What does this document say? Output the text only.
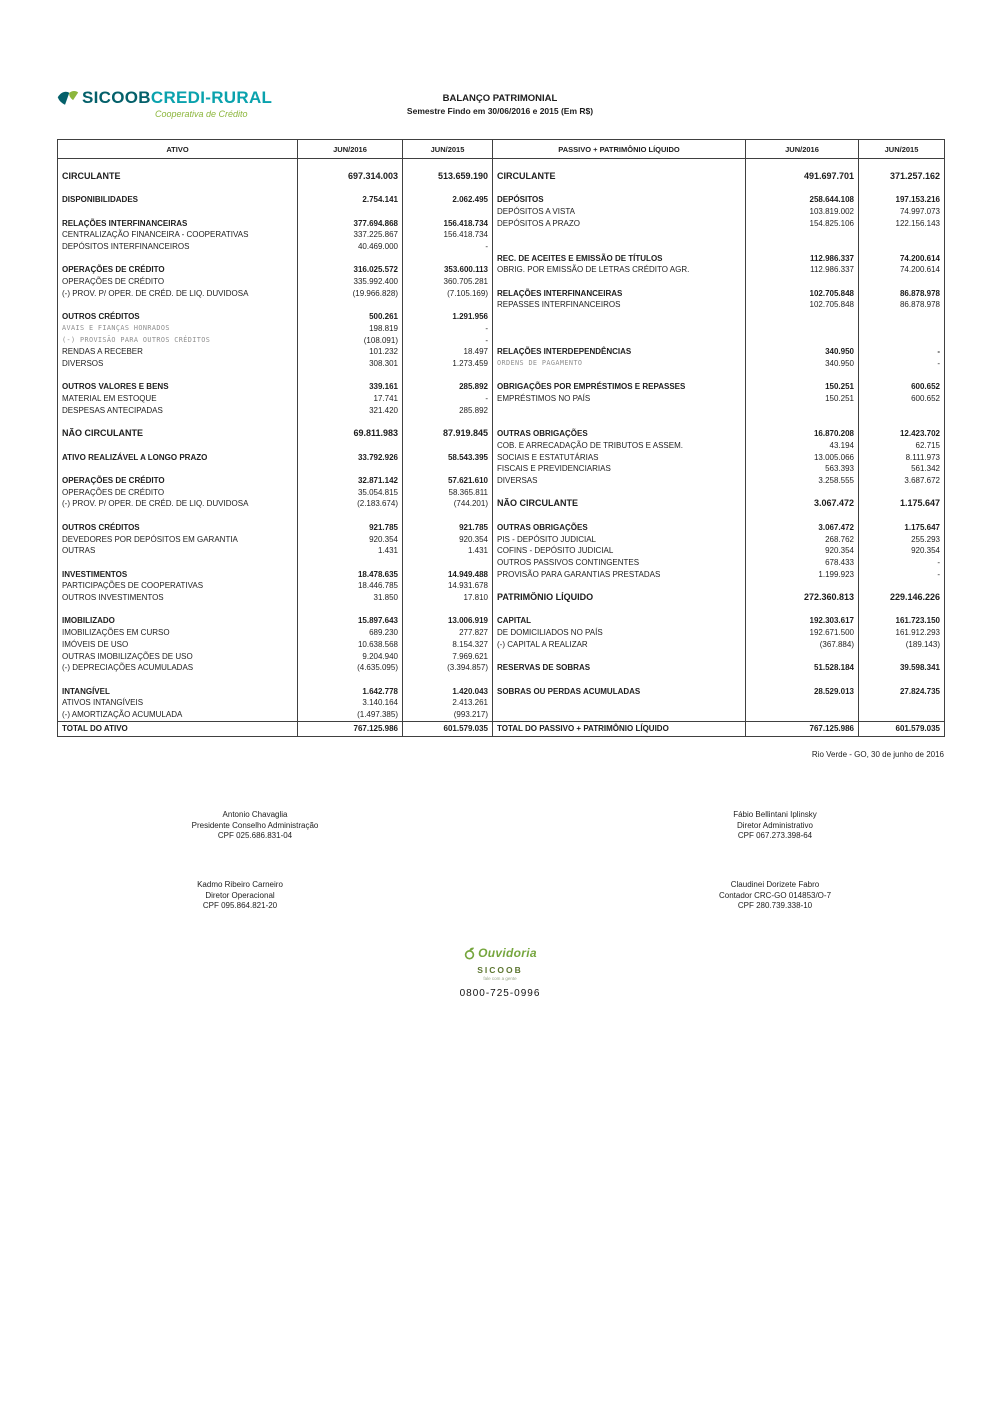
SICOOBCREDI-RURAL
Cooperativa de Crédito
BALANÇO PATRIMONIAL
Semestre Findo em 30/06/2016 e 2015 (Em R$)
ATIVO	JUN/2016	JUN/2015	PASSIVO + PATRIMÔNIO LÍQUIDO	JUN/2016	JUN/2015

CIRCULANTE	697.314.003	513.659.190	CIRCULANTE	491.697.701	371.257.162

DISPONIBILIDADES	2.754.141	2.062.495	DEPÓSITOS	258.644.108	197.153.216
			DEPÓSITOS A VISTA	103.819.002	74.997.073
RELAÇÕES INTERFINANCEIRAS	377.694.868	156.418.734	DEPÓSITOS A PRAZO	154.825.106	122.156.143
CENTRALIZAÇÃO FINANCEIRA - COOPERATIVAS	337.225.867	156.418.734			
DEPÓSITOS INTERFINANCEIROS	40.469.000	-			
			REC. DE ACEITES E EMISSÃO DE TÍTULOS	112.986.337	74.200.614
OPERAÇÕES DE CRÉDITO	316.025.572	353.600.113	OBRIG. POR EMISSÃO DE LETRAS CRÉDITO AGR.	112.986.337	74.200.614
OPERAÇÕES DE CRÉDITO	335.992.400	360.705.281			
(-) PROV. P/ OPER. DE CRÉD. DE LIQ. DUVIDOSA	(19.966.828)	(7.105.169)	RELAÇÕES INTERFINANCEIRAS	102.705.848	86.878.978
			REPASSES INTERFINANCEIROS	102.705.848	86.878.978
OUTROS CRÉDITOS	500.261	1.291.956			
AVAIS E FIANÇAS HONRADOS	198.819	-			
(-) PROVISÃO PARA OUTROS CRÉDITOS	(108.091)	-			
RENDAS A RECEBER	101.232	18.497	RELAÇÕES INTERDEPENDÊNCIAS	340.950	-
DIVERSOS	308.301	1.273.459	ORDENS DE PAGAMENTO	340.950	-

OUTROS VALORES E BENS	339.161	285.892	OBRIGAÇÕES POR EMPRÉSTIMOS E REPASSES	150.251	600.652
MATERIAL EM ESTOQUE	17.741	-	EMPRÉSTIMOS NO PAÍS	150.251	600.652
DESPESAS ANTECIPADAS	321.420	285.892			

NÃO CIRCULANTE	69.811.983	87.919.845	OUTRAS OBRIGAÇÕES	16.870.208	12.423.702
			COB. E ARRECADAÇÃO DE TRIBUTOS E ASSEM.	43.194	62.715
ATIVO REALIZÁVEL A LONGO PRAZO	33.792.926	58.543.395	SOCIAIS E ESTATUTÁRIAS	13.005.066	8.111.973
			FISCAIS E PREVIDENCIARIAS	563.393	561.342
OPERAÇÕES DE CRÉDITO	32.871.142	57.621.610	DIVERSAS	3.258.555	3.687.672
OPERAÇÕES DE CRÉDITO	35.054.815	58.365.811			
(-) PROV. P/ OPER. DE CRÉD. DE LIQ. DUVIDOSA	(2.183.674)	(744.201)	NÃO CIRCULANTE	3.067.472	1.175.647

OUTROS CRÉDITOS	921.785	921.785	OUTRAS OBRIGAÇÕES	3.067.472	1.175.647
DEVEDORES POR DEPÓSITOS EM GARANTIA	920.354	920.354	PIS - DEPÓSITO JUDICIAL	268.762	255.293
OUTRAS	1.431	1.431	COFINS - DEPÓSITO JUDICIAL	920.354	920.354
			OUTROS PASSIVOS CONTINGENTES	678.433	-
INVESTIMENTOS	18.478.635	14.949.488	PROVISÃO PARA GARANTIAS PRESTADAS	1.199.923	-
PARTICIPAÇÕES DE COOPERATIVAS	18.446.785	14.931.678			
OUTROS INVESTIMENTOS	31.850	17.810	PATRIMÔNIO LÍQUIDO	272.360.813	229.146.226

IMOBILIZADO	15.897.643	13.006.919	CAPITAL	192.303.617	161.723.150
IMOBILIZAÇÕES EM CURSO	689.230	277.827	DE DOMICILIADOS NO PAÍS	192.671.500	161.912.293
IMÓVEIS DE USO	10.638.568	8.154.327	(-) CAPITAL A REALIZAR	(367.884)	(189.143)
OUTRAS IMOBILIZAÇÕES DE USO	9.204.940	7.969.621			
(-) DEPRECIAÇÕES ACUMULADAS	(4.635.095)	(3.394.857)	RESERVAS DE SOBRAS	51.528.184	39.598.341

INTANGÍVEL	1.642.778	1.420.043	SOBRAS OU PERDAS ACUMULADAS	28.529.013	27.824.735
ATIVOS INTANGÍVEIS	3.140.164	2.413.261			
(-) AMORTIZAÇÃO ACUMULADA	(1.497.385)	(993.217)			
TOTAL DO ATIVO	767.125.986	601.579.035	TOTAL DO PASSIVO + PATRIMÔNIO LÍQUIDO	767.125.986	601.579.035
Rio Verde - GO, 30 de junho de 2016
Antonio Chavaglia
Presidente Conselho Administração
CPF 025.686.831-04
Fábio Bellintani Iplinsky
Diretor Administrativo
CPF 067.273.398-64
Kadmo Ribeiro Carneiro
Diretor Operacional
CPF 095.864.821-20
Claudinei Dorizete Fabro
Contador CRC-GO 014853/O-7
CPF 280.739.338-10
Ouvidoria
SICOOB
fale com a gente
0800-725-0996
